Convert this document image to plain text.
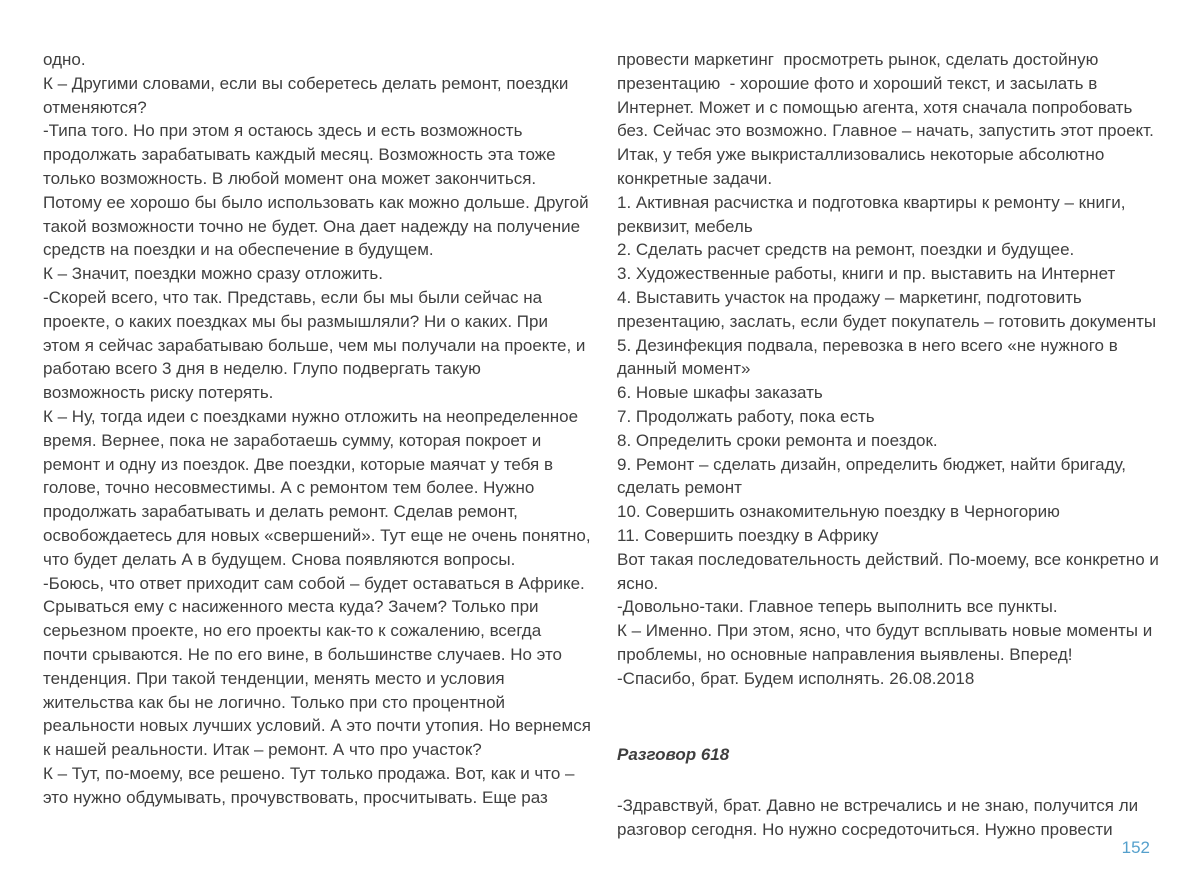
одно.
К – Другими словами, если вы соберетесь делать ремонт, поездки
отменяются?
-Типа того. Но при этом я остаюсь здесь и есть возможность
продолжать зарабатывать каждый месяц. Возможность эта тоже
только возможность. В любой момент она может закончиться.
Потому ее хорошо бы было использовать как можно дольше. Другой
такой возможности точно не будет. Она дает надежду на получение
средств на поездки и на обеспечение в будущем.
К – Значит, поездки можно сразу отложить.
-Скорей всего, что так. Представь, если бы мы были сейчас на
проекте, о каких поездках мы бы размышляли? Ни о каких. При
этом я сейчас зарабатываю больше, чем мы получали на проекте, и
работаю всего 3 дня в неделю. Глупо подвергать такую
возможность риску потерять.
К – Ну, тогда идеи с поездками нужно отложить на неопределенное
время. Вернее, пока не заработаешь сумму, которая покроет и
ремонт и одну из поездок. Две поездки, которые маячат у тебя в
голове, точно несовместимы. А с ремонтом тем более. Нужно
продолжать зарабатывать и делать ремонт. Сделав ремонт,
освобождаетесь для новых «свершений». Тут еще не очень понятно,
что будет делать А в будущем. Снова появляются вопросы.
-Боюсь, что ответ приходит сам собой – будет оставаться в Африке.
Срываться ему с насиженного места куда? Зачем? Только при
серьезном проекте, но его проекты как-то к сожалению, всегда
почти срываются. Не по его вине, в большинстве случаев. Но это
тенденция. При такой тенденции, менять место и условия
жительства как бы не логично. Только при сто процентной
реальности новых лучших условий. А это почти утопия. Но вернемся
к нашей реальности. Итак – ремонт. А что про участок?
К – Тут, по-моему, все решено. Тут только продажа. Вот, как и что –
это нужно обдумывать, прочувствовать, просчитывать. Еще раз
провести маркетинг  просмотреть рынок, сделать достойную
презентацию  - хорошие фото и хороший текст, и засылать в
Интернет. Может и с помощью агента, хотя сначала попробовать
без. Сейчас это возможно. Главное – начать, запустить этот проект.
Итак, у тебя уже выкристаллизовались некоторые абсолютно
конкретные задачи.
1. Активная расчистка и подготовка квартиры к ремонту – книги,
реквизит, мебель
2. Сделать расчет средств на ремонт, поездки и будущее.
3. Художественные работы, книги и пр. выставить на Интернет
4. Выставить участок на продажу – маркетинг, подготовить
презентацию, заслать, если будет покупатель – готовить документы
5. Дезинфекция подвала, перевозка в него всего «не нужного в
данный момент»
6. Новые шкафы заказать
7. Продолжать работу, пока есть
8. Определить сроки ремонта и поездок.
9. Ремонт – сделать дизайн, определить бюджет, найти бригаду,
сделать ремонт
10. Совершить ознакомительную поездку в Черногорию
11. Совершить поездку в Африку
Вот такая последовательность действий. По-моему, все конкретно и
ясно.
-Довольно-таки. Главное теперь выполнить все пункты.
К – Именно. При этом, ясно, что будут всплывать новые моменты и
проблемы, но основные направления выявлены. Вперед!
-Спасибо, брат. Будем исполнять. 26.08.2018
Разговор 618
-Здравствуй, брат. Давно не встречались и не знаю, получится ли
разговор сегодня. Но нужно сосредоточиться. Нужно провести
152
